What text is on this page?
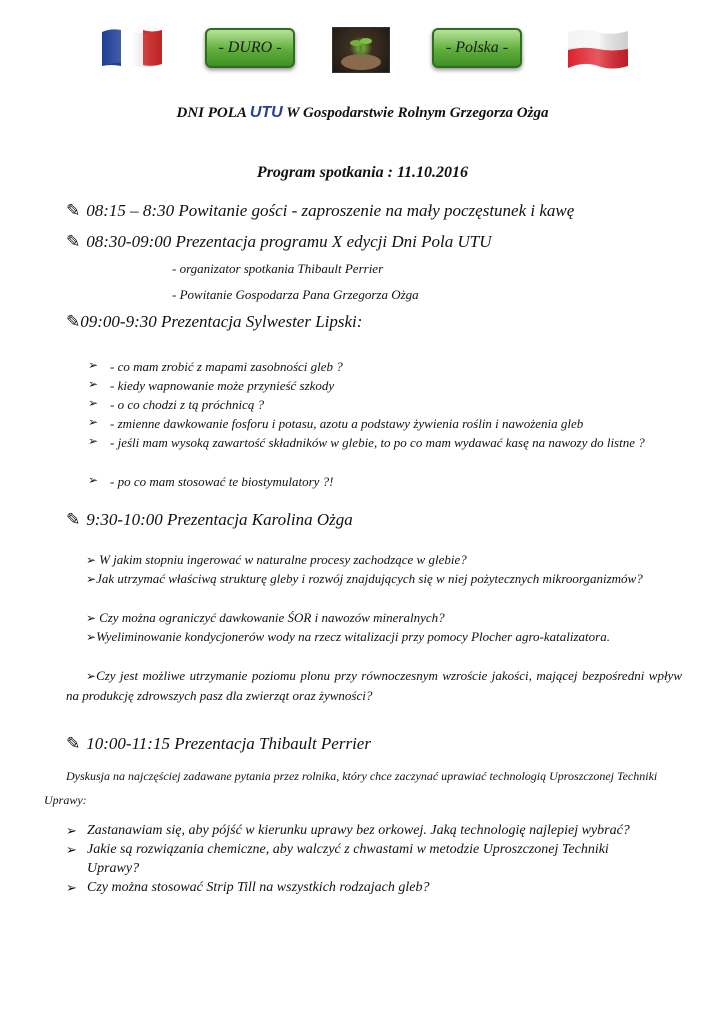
- DURO -	- Polska -
DNI POLA UTU W Gospodarstwie Rolnym Grzegorza Ożga
Program spotkania : 11.10.2016
✎ 08:15 – 8:30 Powitanie gości - zaproszenie na mały poczęstunek i kawę
✎ 08:30-09:00 Prezentacja programu X edycji Dni Pola UTU
- organizator spotkania Thibault Perrier
- Powitanie Gospodarza Pana Grzegorza Ożga
✎09:00-9:30 Prezentacja Sylwester Lipski:
➢ - co mam zrobić z mapami zasobności gleb ?
➢ - kiedy wapnowanie może przynieść szkody
➢ - o co chodzi z tą próchnicą ?
➢ - zmienne dawkowanie fosforu i potasu, azotu a podstawy żywienia roślin i nawożenia gleb
➢ - jeśli mam wysoką zawartość składników w glebie, to po co mam wydawać kasę na nawozy do listne ?
➢ - po co mam stosować te biostymulatory ?!
✎ 9:30-10:00 Prezentacja Karolina Ożga
➢ W jakim stopniu ingerować w naturalne procesy zachodzące w glebie?
➢Jak utrzymać właściwą strukturę gleby i rozwój znajdujących się w niej pożytecznych mikroorganizmów?
➢ Czy można ograniczyć dawkowanie ŚOR i nawozów mineralnych?
➢Wyeliminowanie kondycjonerów wody na rzecz witalizacji przy pomocy Plocher agro-katalizatora.
➢Czy jest możliwe utrzymanie poziomu plonu przy równoczesnym wzroście jakości, mającej bezpośredni wpływ na produkcję zdrowszych pasz dla zwierząt oraz żywności?
✎ 10:00-11:15 Prezentacja Thibault Perrier
Dyskusja na najczęściej zadawane pytania przez rolnika, który chce zaczynać uprawiać technologią Uproszczonej Techniki Uprawy:
➢ Zastanawiam się, aby pójść w kierunku uprawy bez orkowej. Jaką technologię najlepiej wybrać?
➢ Jakie są rozwiązania chemiczne, aby walczyć z chwastami w metodzie Uproszczonej Techniki Uprawy?
➢ Czy można stosować Strip Till na wszystkich rodzajach gleb?
